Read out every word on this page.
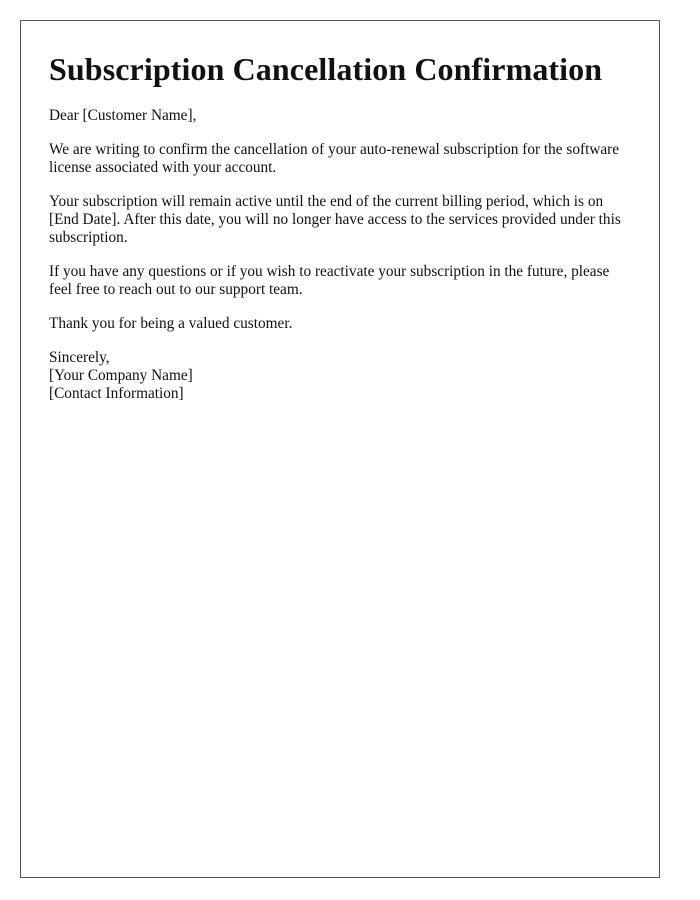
Subscription Cancellation Confirmation

Dear [Customer Name],

We are writing to confirm the cancellation of your auto-renewal subscription for the software license associated with your account.

Your subscription will remain active until the end of the current billing period, which is on [End Date]. After this date, you will no longer have access to the services provided under this subscription.

If you have any questions or if you wish to reactivate your subscription in the future, please feel free to reach out to our support team.

Thank you for being a valued customer.

Sincerely,
[Your Company Name]
[Contact Information]
